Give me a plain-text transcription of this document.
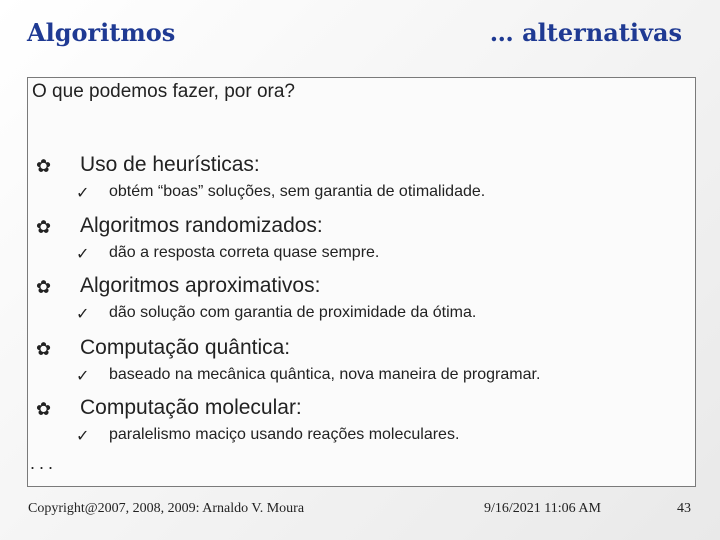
Algoritmos	… alternativas
O que podemos fazer, por ora?
✿ Uso de heurísticas:
✓ obtém “boas” soluções, sem garantia de otimalidade.
✿ Algoritmos randomizados:
✓ dão a resposta correta quase sempre.
✿ Algoritmos aproximativos:
✓ dão solução com garantia de proximidade da ótima.
✿ Computação quântica:
✓ baseado na mecânica quântica, nova maneira de programar.
✿ Computação molecular:
✓ paralelismo maciço usando reações moleculares.
...
Copyright@2007, 2008, 2009: Arnaldo V. Moura	9/16/2021 11:06 AM	43
